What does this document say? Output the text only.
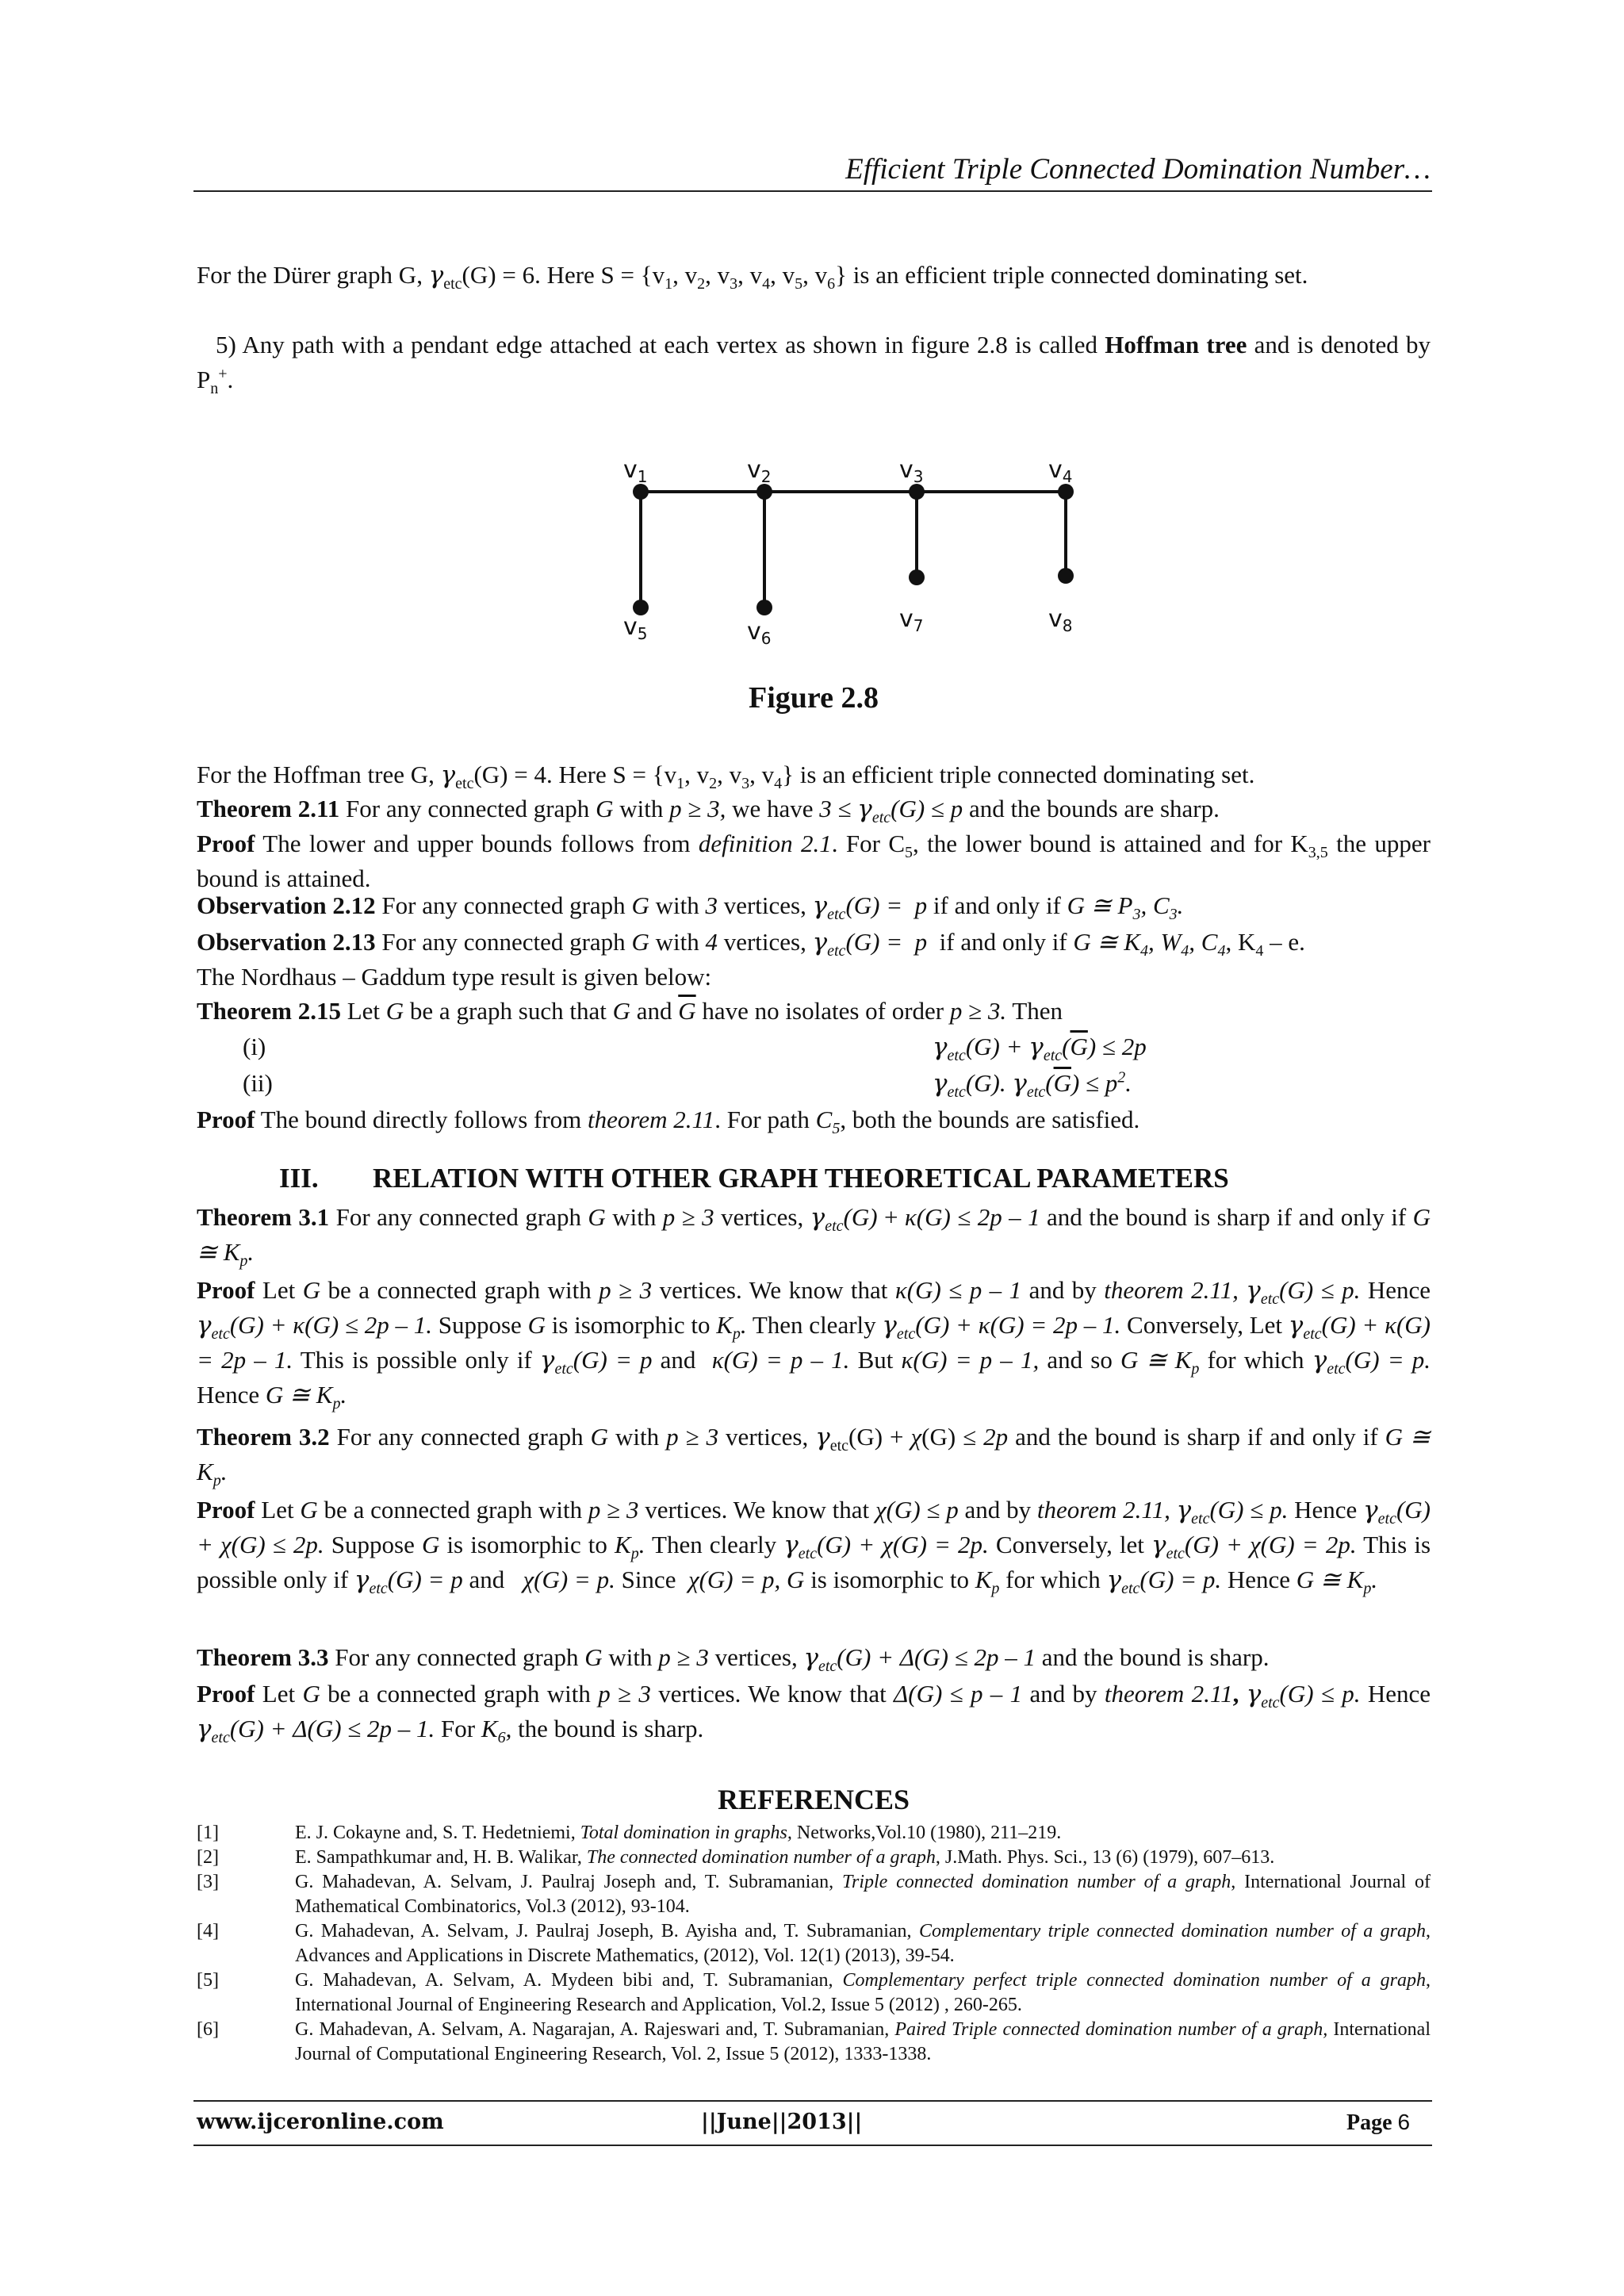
Efficient Triple Connected Domination Number…
For the Dürer graph G, $\gamma_{etc}(G) = 6$. Here $S = \{v_1$, $v_2$, $v_3$, $v_4$, $v_5$, $v_6$} is an efficient triple connected dominating set.
5) Any path with a pendant edge attached at each vertex as shown in figure 2.8 is called Hoffman tree and is denoted by $P_n^+$.
$v_1$
$v_5$
$v_2$
$v_6$
$v_3$
$v_7$
$v_4$
$v_8$
Figure 2.8
For the Hoffman tree G, $\gamma_{etc}(G) = 4$. Here $S = \{v_1$, $v_2$, $v_3$, $v_4$} is an efficient triple connected dominating set.
Theorem 2.11 For any connected graph G with p ≥ 3, we have $3 \le \gamma_{etc}(G) \le p$ and the bounds are sharp.
Proof The lower and upper bounds follows from definition 2.1. For $C_5$, the lower bound is attained and for $K_{3,5}$ the upper bound is attained.
Observation 2.12 For any connected graph G with 3 vertices, $\gamma_{etc}(G) = p$ if and only if G ≅ $P_3$, $C_3$.
Observation 2.13 For any connected graph G with 4 vertices, $\gamma_{etc}(G) = p$  if and only if G ≅ $K_4$, $W_4$, $C_4$, $K_4$ – e.
The Nordhaus – Gaddum type result is given below:
Theorem 2.15 Let G be a graph such that G and $\overline{G}$ have no isolates of order p ≥ 3. Then
(i)	$\gamma_{etc}(G) + \gamma_{etc}(\overline{G}) \le 2p$
(ii)	$\gamma_{etc}(G)$. $\gamma_{etc}(\overline{G}) \le p^2$.
Proof The bound directly follows from theorem 2.11. For path $C_5$, both the bounds are satisfied.
III. RELATION WITH OTHER GRAPH THEORETICAL PARAMETERS
Theorem 3.1 For any connected graph G with p ≥ 3 vertices, $\gamma_{etc}(G) + \kappa(G) \le 2p - 1$ and the bound is sharp if and only if G ≅ $K_p$.
Proof Let G be a connected graph with p ≥ 3 vertices. We know that κ(G) ≤ p – 1 and by theorem 2.11, $\gamma_{etc}(G) \le p$. Hence $\gamma_{etc}(G) + \kappa(G) \le 2p - 1$. Suppose G is isomorphic to $K_p$. Then clearly $\gamma_{etc}(G) + \kappa(G) = 2p - 1$. Conversely, Let $\gamma_{etc}(G) + \kappa(G) = 2p - 1$. This is possible only if $\gamma_{etc}(G) = p$ and  κ(G) = p – 1. But κ(G) = p – 1, and so G ≅ $K_p$ for which $\gamma_{etc}(G) = p$. Hence G ≅ $K_p$.
Theorem 3.2 For any connected graph G with p ≥ 3 vertices, $\gamma_{etc}(G) + \chi(G) \le 2p$ and the bound is sharp if and only if G ≅ $K_p$.
Proof Let G be a connected graph with p ≥ 3 vertices. We know that χ(G) ≤ p and by theorem 2.11, $\gamma_{etc}(G) \le p$. Hence $\gamma_{etc}(G) + \chi(G) \le 2p$. Suppose G is isomorphic to $K_p$. Then clearly $\gamma_{etc}(G) + \chi(G) = 2p$. Conversely, let $\gamma_{etc}(G) + \chi(G) = 2p$. This is possible only if $\gamma_{etc}(G) = p$ and   χ(G) = p. Since  χ(G) = p, G is isomorphic to $K_p$ for which $\gamma_{etc}(G) = p$. Hence G ≅ $K_p$.
Theorem 3.3 For any connected graph G with p ≥ 3 vertices, $\gamma_{etc}(G) + \Delta(G) \le 2p - 1$ and the bound is sharp.
Proof Let G be a connected graph with p ≥ 3 vertices. We know that Δ(G) ≤ p – 1 and by theorem 2.11, $\gamma_{etc}(G) \le p$. Hence $\gamma_{etc}(G) + \Delta(G) \le 2p - 1$. For $K_6$, the bound is sharp.
REFERENCES
[1]	E. J. Cokayne and, S. T. Hedetniemi, Total domination in graphs, Networks,Vol.10 (1980), 211–219.
[2]	E. Sampathkumar and, H. B. Walikar, The connected domination number of a graph, J.Math. Phys. Sci., 13 (6) (1979), 607–613.
[3]	G. Mahadevan, A. Selvam, J. Paulraj Joseph and, T. Subramanian, Triple connected domination number of a graph, International Journal of Mathematical Combinatorics, Vol.3 (2012), 93-104.
[4]	G. Mahadevan, A. Selvam, J. Paulraj Joseph, B. Ayisha and, T. Subramanian, Complementary triple connected domination number of a graph, Advances and Applications in Discrete Mathematics, (2012), Vol. 12(1) (2013), 39-54.
[5]	G. Mahadevan, A. Selvam, A. Mydeen bibi and, T. Subramanian, Complementary perfect triple connected domination number of a graph, International Journal of Engineering Research and Application, Vol.2, Issue 5 (2012) , 260-265.
[6]	G. Mahadevan, A. Selvam, A. Nagarajan, A. Rajeswari and, T. Subramanian, Paired Triple connected domination number of a graph, International Journal of Computational Engineering Research, Vol. 2, Issue 5 (2012), 1333-1338.
www.ijceronline.com	||June||2013||	Page 6
